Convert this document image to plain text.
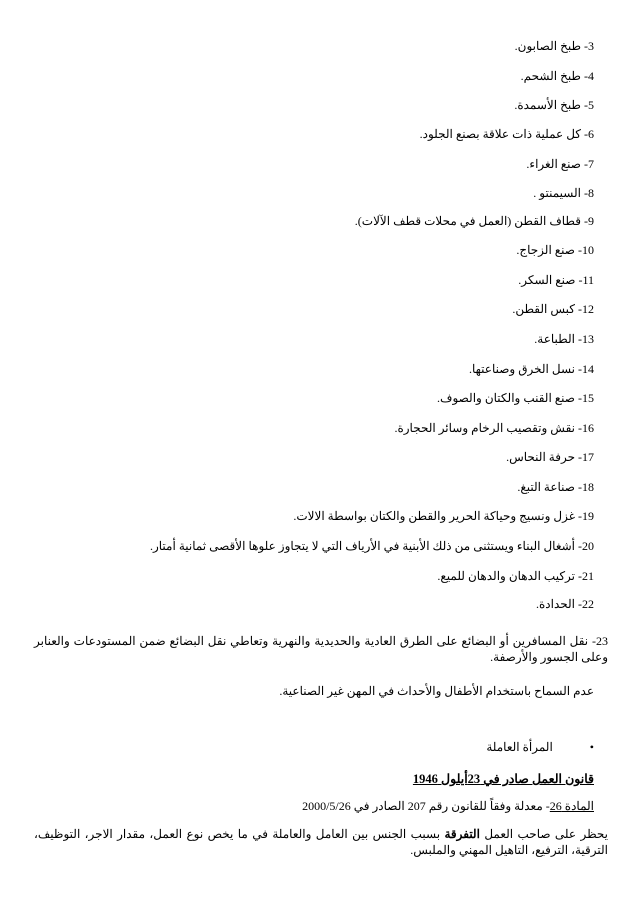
3-طبخ الصابون.
4-طبخ الشحم.
5-طبخ الأسمدة.
6-كل عملية ذات علاقة بصنع الجلود.
7-صنع الغراء.
8-السيمنتو .
9-قطاف القطن (العمل في محلات قطف الآلات).
10-صنع الزجاج.
11-صنع السكر.
12-كبس القطن.
13-الطباعة.
14-نسل الخرق وصناعتها.
15-صنع القنب والكتان والصوف.
16-نقش وتقصيب الرخام وسائر الحجارة.
17-حرفة النحاس.
18-صناعة التبغ.
19-غزل ونسيج وحياكة الحرير والقطن والكتان بواسطة الالات.
20-أشغال البناء ويستثنى من ذلك الأبنية في الأرياف التي لا يتجاوز علوها الأقصى ثمانية أمتار.
21-تركيب الدهان والدهان للميع.
22-الحدادة.
23- نقل المسافرين أو البضائع على الطرق العادية والحديدية والنهرية وتعاطي نقل البضائع ضمن المستودعات والعنابر وعلى الجسور والأرصفة.
عدم السماح باستخدام الأطفال والأحداث في المهن غير الصناعية.
• المرأة العاملة
قانون العمل صادر في 23أيلول 1946
المادة 26- معدلة وفقاً للقانون رقم 207 الصادر في 2000/5/26
يحظر على صاحب العمل التفرقة بسبب الجنس بين العامل والعاملة في ما يخص نوع العمل، مقدار الاجر، التوظيف، الترقية، الترفيع، التاهيل المهني والملبس.
